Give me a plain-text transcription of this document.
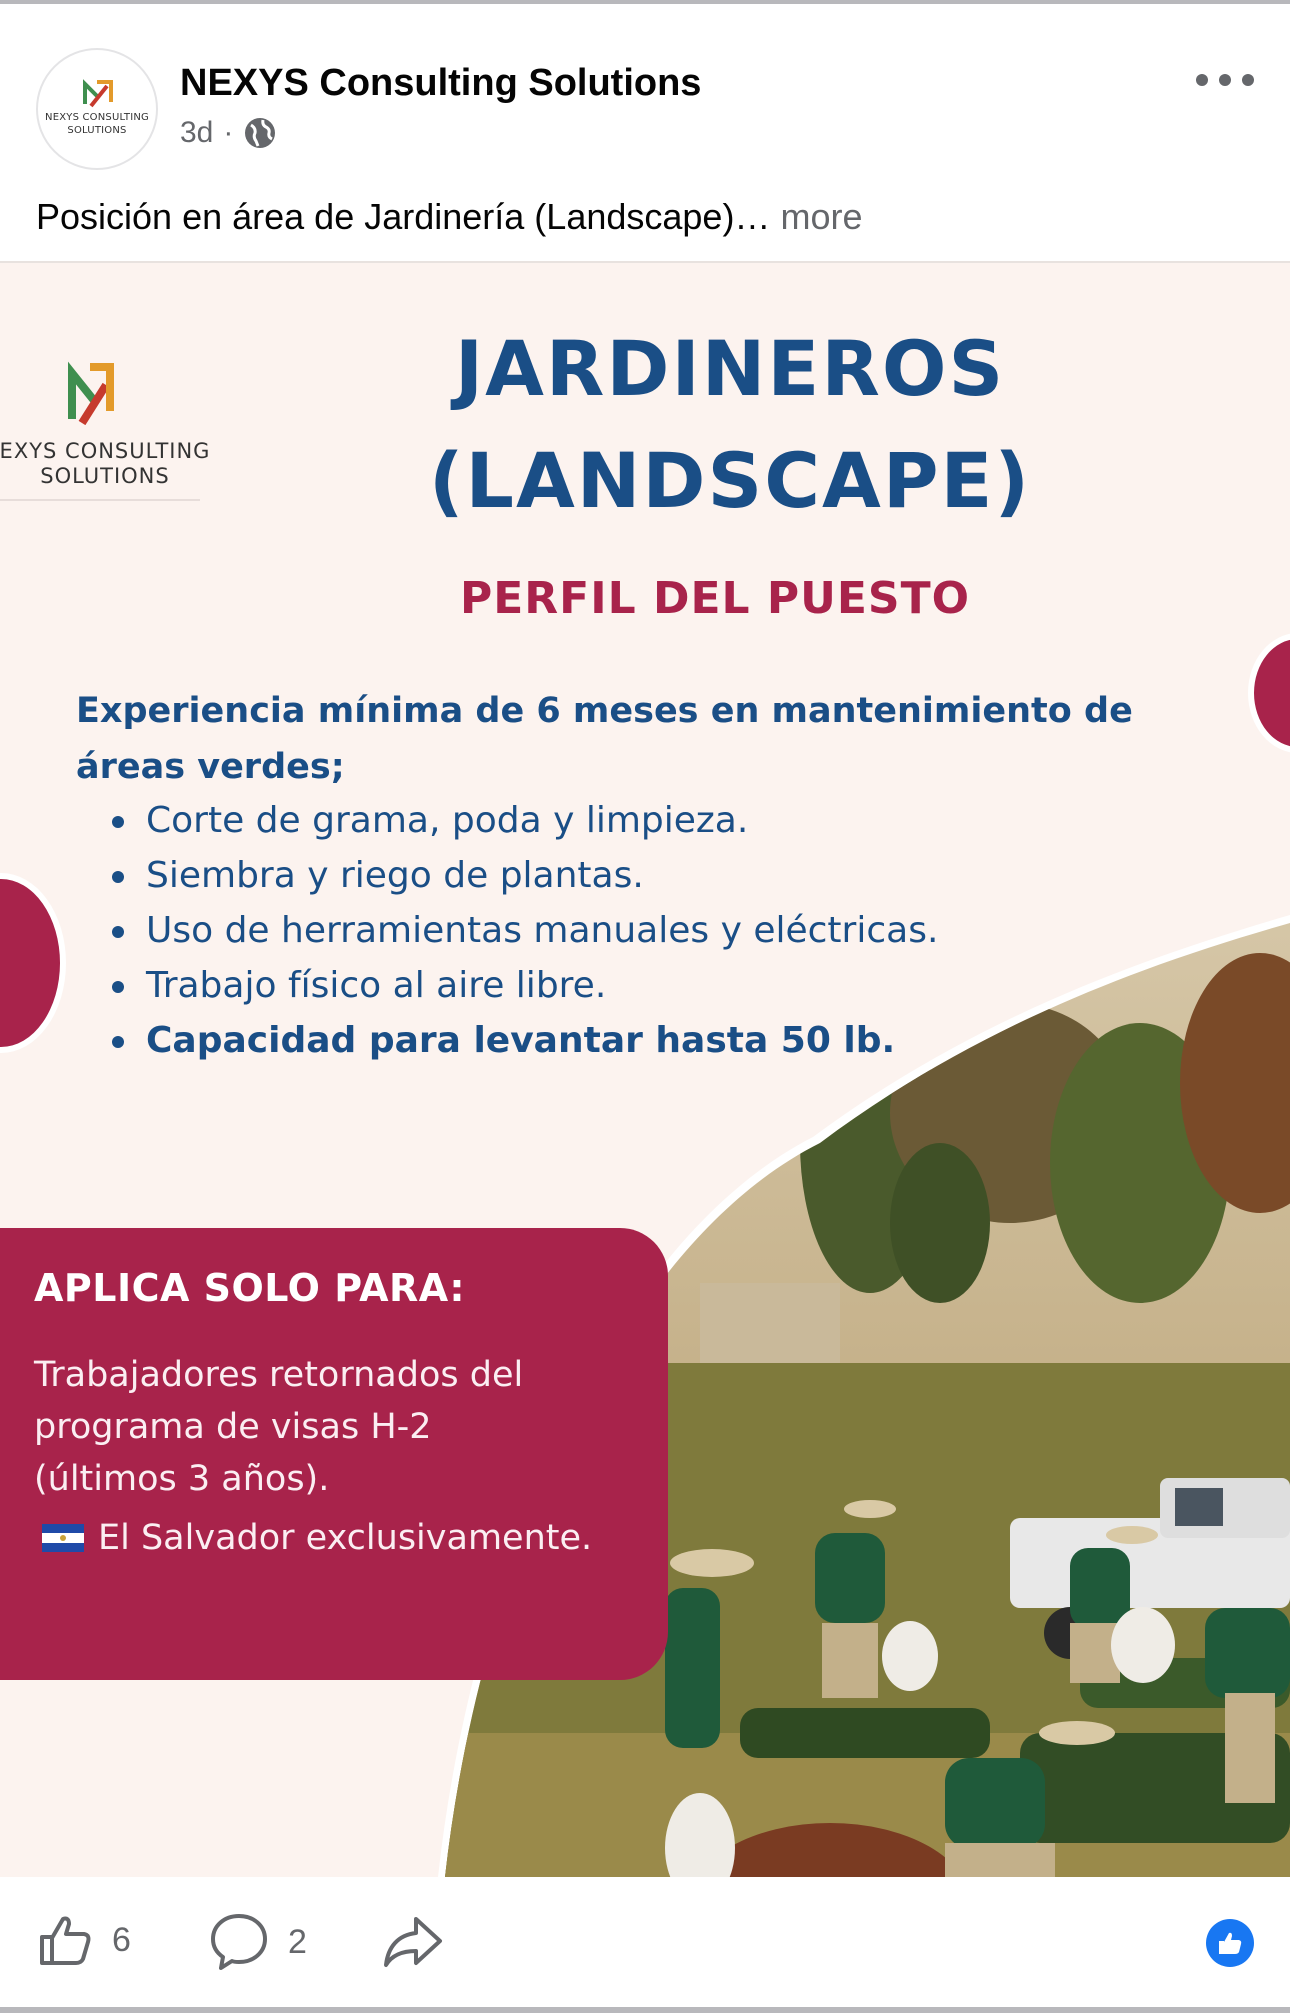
NEXYS CONSULTING
SOLUTIONS
NEXYS Consulting Solutions
3d ·
Posición en área de Jardinería (Landscape)… more
EXYS CONSULTING
SOLUTIONS
JARDINEROS
(LANDSCAPE)
PERFIL DEL PUESTO
Experiencia mínima de 6 meses en mantenimiento de áreas verdes;
Corte de grama, poda y limpieza.
Siembra y riego de plantas.
Uso de herramientas manuales y eléctricas.
Trabajo físico al aire libre.
Capacidad para levantar hasta 50 lb.
APLICA SOLO PARA:
Trabajadores retornados del
programa de visas H-2
(últimos 3 años).
El Salvador exclusivamente.
6	2
